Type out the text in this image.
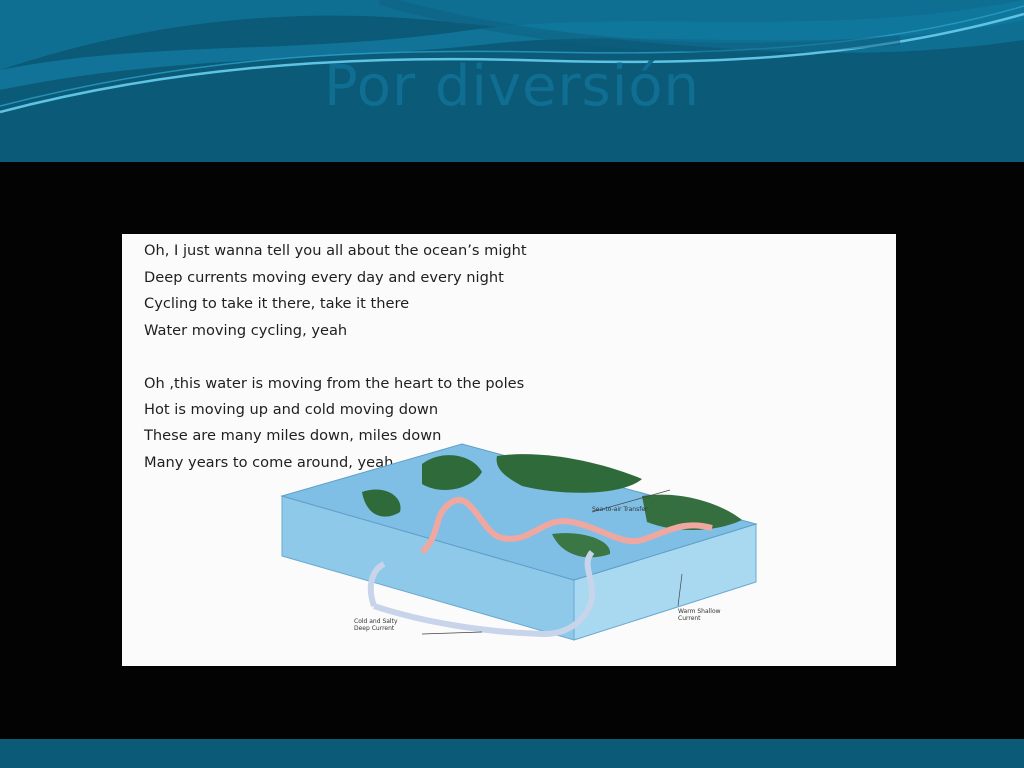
Por diversión
Oh, I just wanna tell you all about the ocean’s might
Deep currents moving every day and every night
Cycling to take it there, take it there
Water moving cycling, yeah
Oh ,this water is moving from the heart to the poles
Hot is moving up and cold moving down
These are many miles down, miles down
Many years to come around, yeah
Sea-to-air Transfer
Cold and Salty Deep Current
Warm Shallow Current
